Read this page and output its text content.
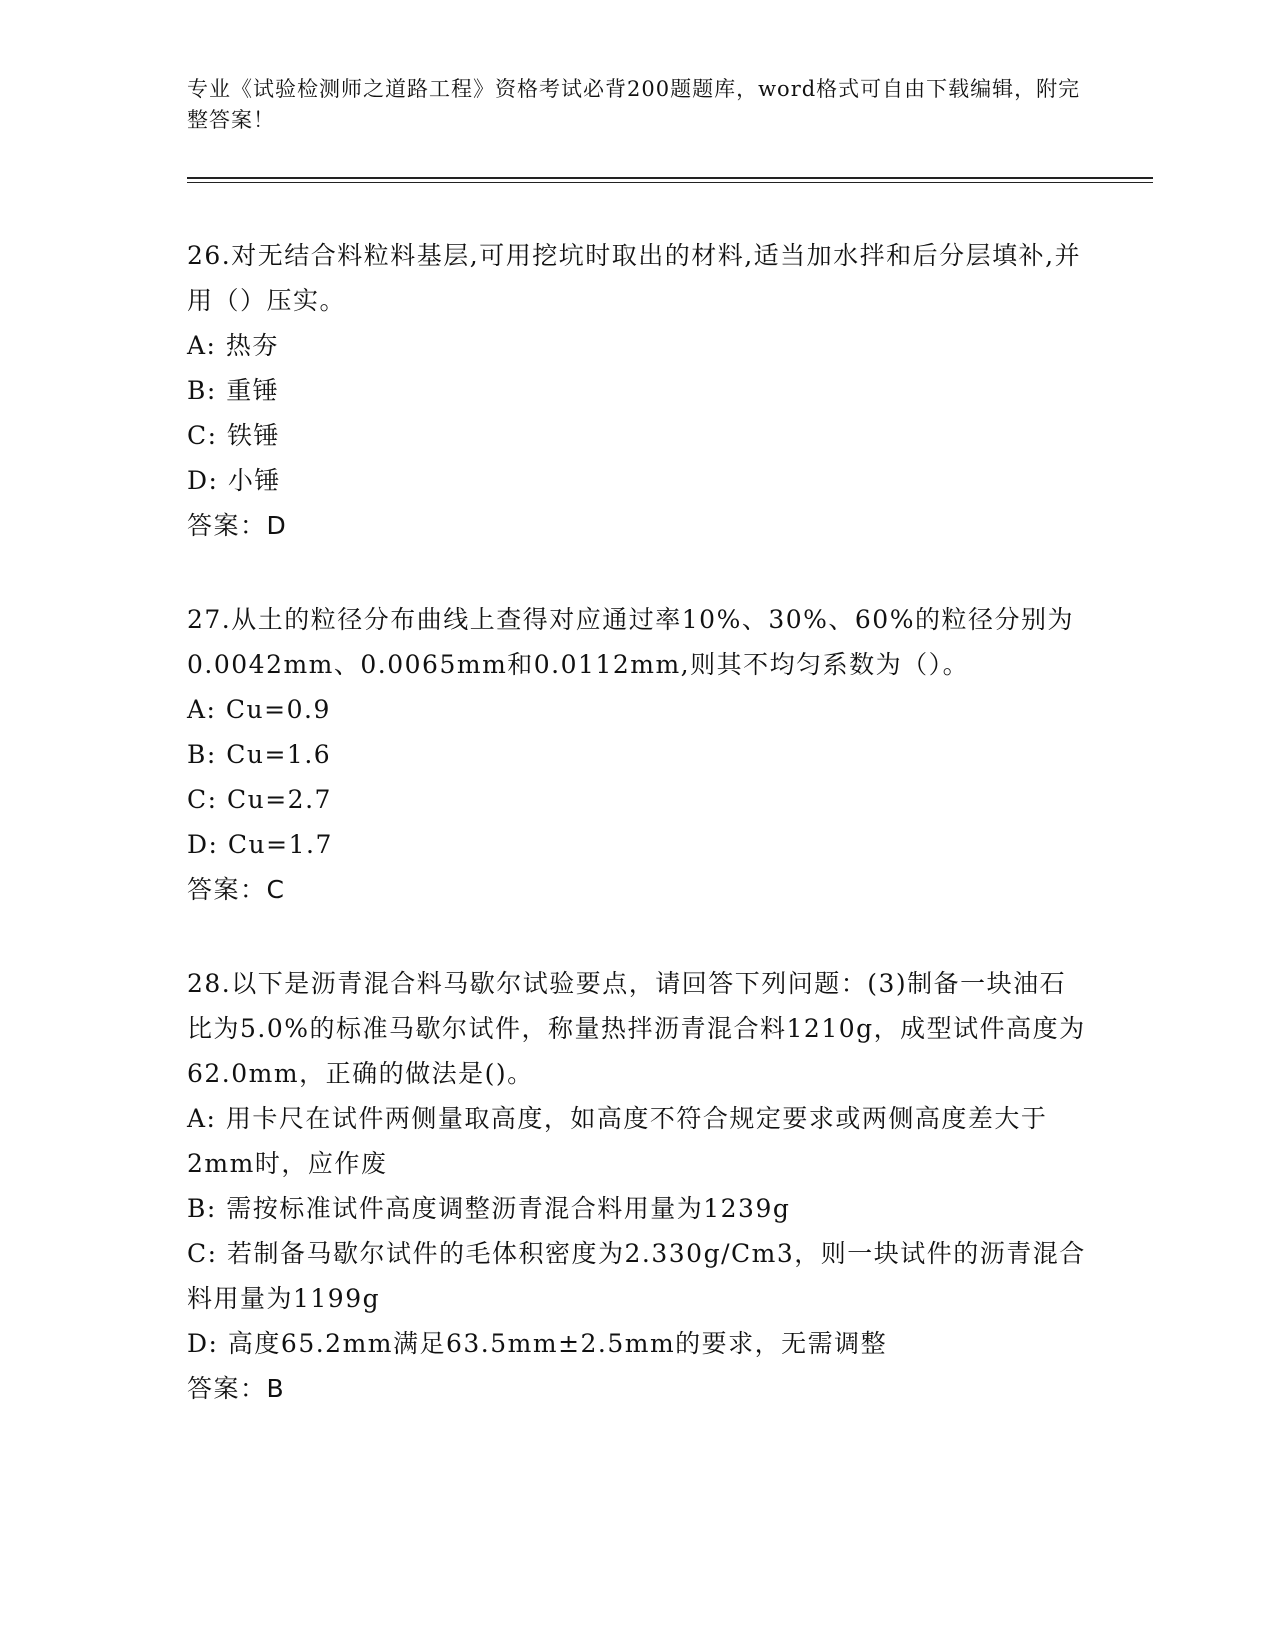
专业《试验检测师之道路工程》资格考试必背200题题库，word格式可自由下载编辑，附完整答案！

26.对无结合料粒料基层,可用挖坑时取出的材料,适当加水拌和后分层填补,并用（）压实。

A: 热夯

B: 重锤

C: 铁锤

D: 小锤

答案：D

27.从土的粒径分布曲线上查得对应通过率10%、30%、60%的粒径分别为0.0042mm、0.0065mm和0.0112mm,则其不均匀系数为（）。

A: Cu=0.9

B: Cu=1.6

C: Cu=2.7

D: Cu=1.7

答案：C

28.以下是沥青混合料马歇尔试验要点，请回答下列问题：(3)制备一块油石比为5.0%的标准马歇尔试件，称量热拌沥青混合料1210g，成型试件高度为62.0mm，正确的做法是()。

A: 用卡尺在试件两侧量取高度，如高度不符合规定要求或两侧高度差大于2mm时，应作废

B: 需按标准试件高度调整沥青混合料用量为1239g

C: 若制备马歇尔试件的毛体积密度为2.330g/Cm3，则一块试件的沥青混合料用量为1199g

D: 高度65.2mm满足63.5mm±2.5mm的要求，无需调整

答案：B
